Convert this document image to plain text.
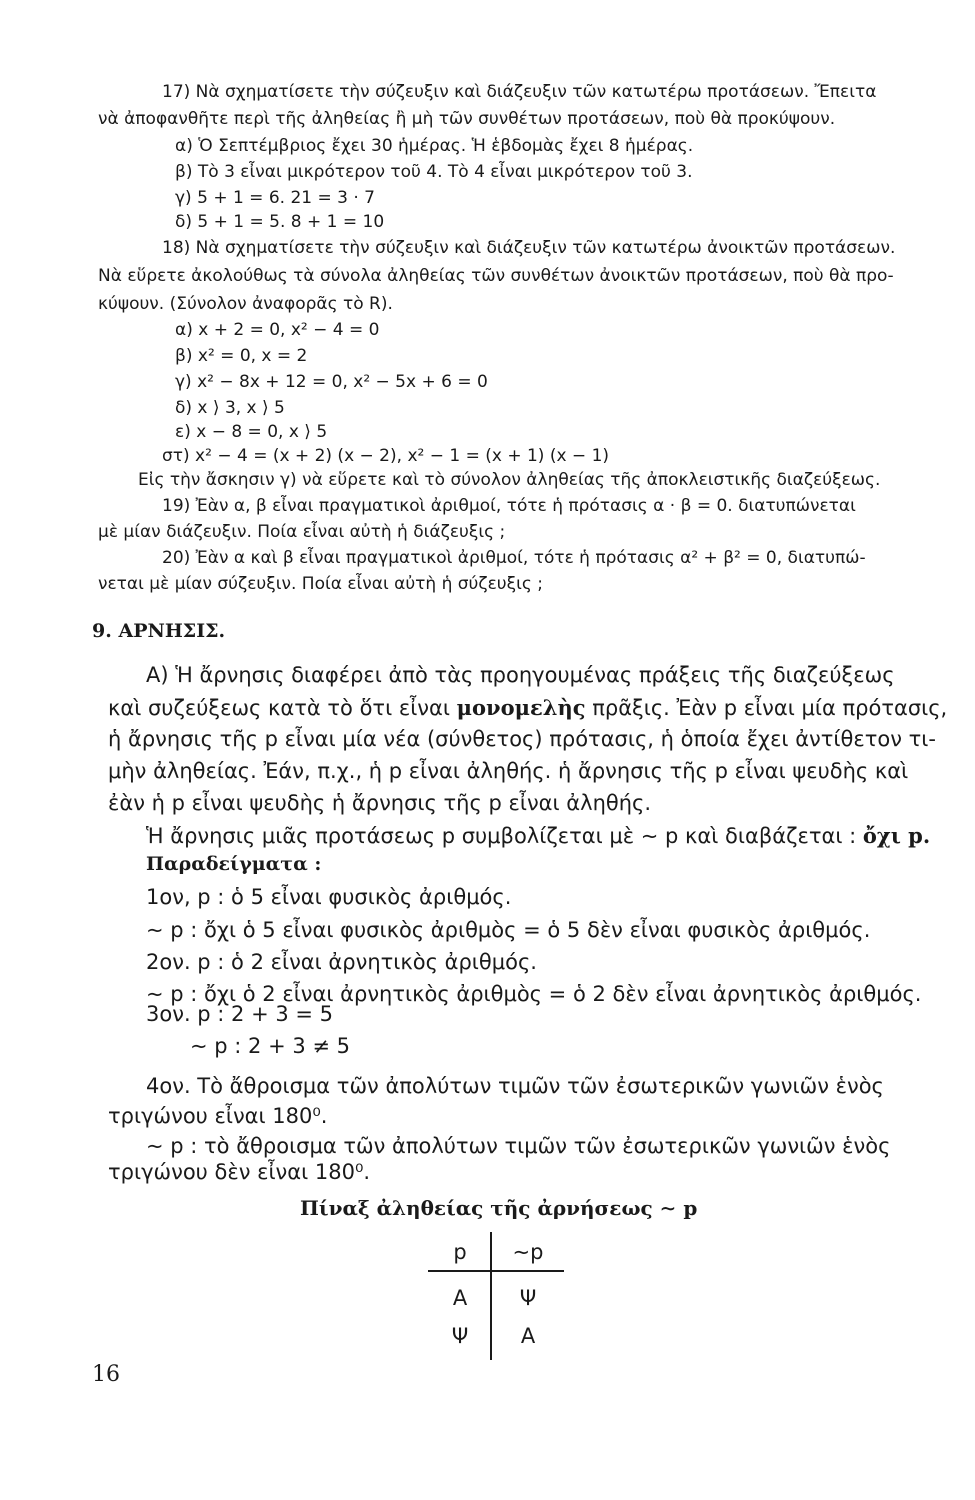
17) Νὰ σχηματίσετε τὴν σύζευξιν καὶ διάζευξιν τῶν κατωτέρω προτάσεων. Ἔπειτα
νὰ ἀποφανθῆτε περὶ τῆς ἀληθείας ἢ μὴ τῶν συνθέτων προτάσεων, ποὺ θὰ προκύψουν.
α) Ὁ Σεπτέμβριος ἔχει 30 ἡμέρας. Ἡ ἑβδομὰς ἔχει 8 ἡμέρας.
β) Τὸ 3 εἶναι μικρότερον τοῦ 4. Τὸ 4 εἶναι μικρότερον τοῦ 3.
γ) 5 + 1 = 6. 21 = 3 · 7
δ) 5 + 1 = 5. 8 + 1 = 10
18) Νὰ σχηματίσετε τὴν σύζευξιν καὶ διάζευξιν τῶν κατωτέρω ἀνοικτῶν προτάσεων.
Νὰ εὕρετε ἀκολούθως τὰ σύνολα ἀληθείας τῶν συνθέτων ἀνοικτῶν προτάσεων, ποὺ θὰ προ-
κύψουν. (Σύνολον ἀναφορᾶς τὸ R).
α) x + 2 = 0, x² − 4 = 0
β) x² = 0, x = 2
γ) x² − 8x + 12 = 0, x² − 5x + 6 = 0
δ) x ⟩ 3, x ⟩ 5
ε) x − 8 = 0, x ⟩ 5
στ) x² − 4 = (x + 2) (x − 2), x² − 1 = (x + 1) (x − 1)
Εἰς τὴν ἄσκησιν γ) νὰ εὕρετε καὶ τὸ σύνολον ἀληθείας τῆς ἀποκλειστικῆς διαζεύξεως.
19) Ἐὰν α, β εἶναι πραγματικοὶ ἀριθμοί, τότε ἡ πρότασις α · β = 0. διατυπώνεται
μὲ μίαν διάζευξιν. Ποία εἶναι αὐτὴ ἡ διάζευξις ;
20) Ἐὰν α καὶ β εἶναι πραγματικοὶ ἀριθμοί, τότε ἡ πρότασις α² + β² = 0, διατυπώ-
νεται μὲ μίαν σύζευξιν. Ποία εἶναι αὐτὴ ἡ σύζευξις ;
9. ΑΡΝΗΣΙΣ.
Α) Ἡ ἄρνησις διαφέρει ἀπὸ τὰς προηγουμένας πράξεις τῆς διαζεύξεως
καὶ συζεύξεως κατὰ τὸ ὅτι εἶναι μονομελὴς πρᾶξις. Ἐὰν p εἶναι μία πρότασις,
ἡ ἄρνησις τῆς p εἶναι μία νέα (σύνθετος) πρότασις, ἡ ὁποία ἔχει ἀντίθετον τι-
μὴν ἀληθείας. Ἐάν, π.χ., ἡ p εἶναι ἀληθής. ἡ ἄρνησις τῆς p εἶναι ψευδὴς καὶ
ἐὰν ἡ p εἶναι ψευδὴς ἡ ἄρνησις τῆς p εἶναι ἀληθής.
Ἡ ἄρνησις μιᾶς προτάσεως p συμβολίζεται μὲ ∼ p καὶ διαβάζεται : ὄχι p.
Παραδείγματα :
1ον, p : ὁ 5 εἶναι φυσικὸς ἀριθμός.
∼ p : ὄχι ὁ 5 εἶναι φυσικὸς ἀριθμὸς = ὁ 5 δὲν εἶναι φυσικὸς ἀριθμός.
2ον. p : ὁ 2 εἶναι ἀρνητικὸς ἀριθμός.
∼ p : ὄχι ὁ 2 εἶναι ἀρνητικὸς ἀριθμὸς = ὁ 2 δὲν εἶναι ἀρνητικὸς ἀριθμός.
3ον. p : 2 + 3 = 5
∼ p : 2 + 3 ≠ 5
4ον. Τὸ ἄθροισμα τῶν ἀπολύτων τιμῶν τῶν ἐσωτερικῶν γωνιῶν ἑνὸς
τριγώνου εἶναι 180⁰.
∼ p : τὸ ἄθροισμα τῶν ἀπολύτων τιμῶν τῶν ἐσωτερικῶν γωνιῶν ἑνὸς
τριγώνου δὲν εἶναι 180⁰.
Πίναξ ἀληθείας τῆς ἀρνήσεως ∼ p
p	∼p
Α	Ψ
Ψ	Α
16
